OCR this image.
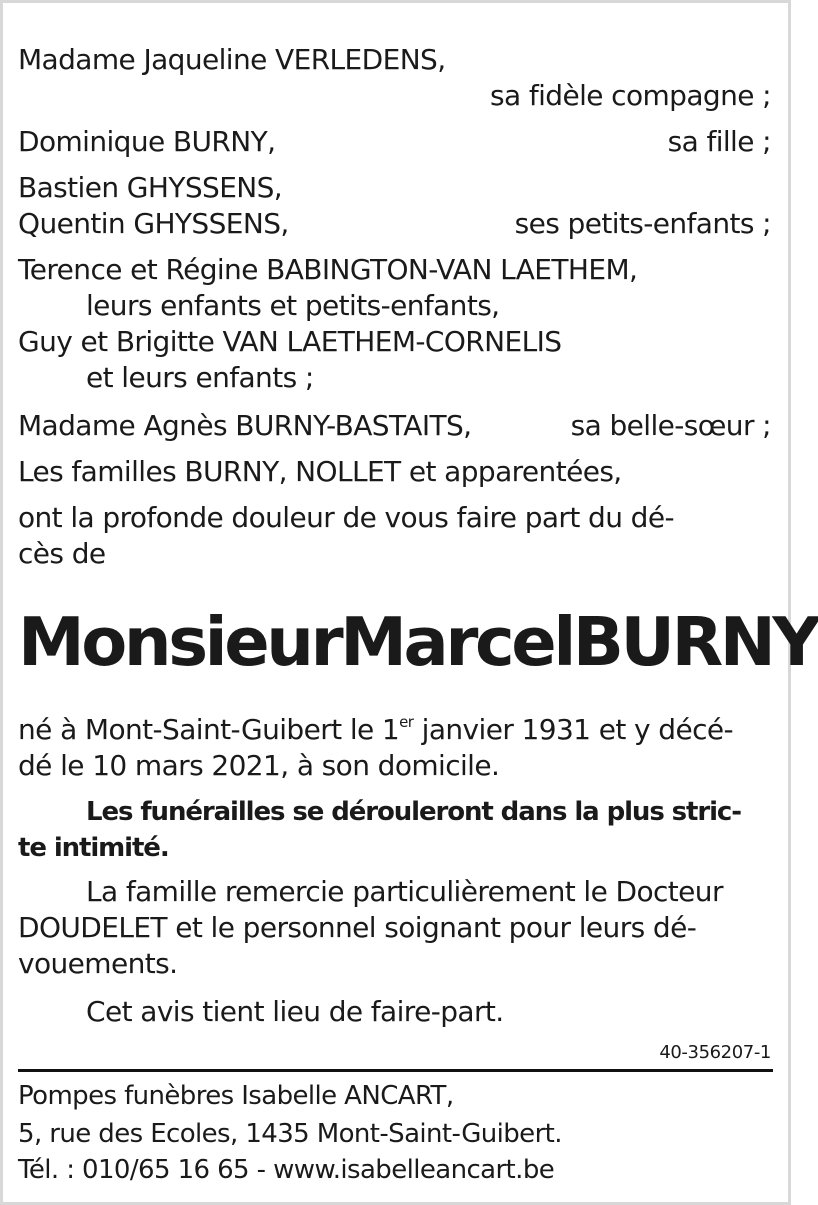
Madame Jaqueline VERLEDENS,
sa fidèle compagne ;
Dominique BURNY,	sa fille ;
Bastien GHYSSENS,
Quentin GHYSSENS,	ses petits-enfants ;
Terence et Régine BABINGTON-VAN LAETHEM,
leurs enfants et petits-enfants,
Guy et Brigitte VAN LAETHEM-CORNELIS
et leurs enfants ;
Madame Agnès BURNY-BASTAITS,	sa belle-sœur ;
Les familles BURNY, NOLLET et apparentées,
ont la profonde douleur de vous faire part du dé-
cès de
Monsieur Marcel BURNY
né à Mont-Saint-Guibert le 1er janvier 1931 et y décé-
dé le 10 mars 2021, à son domicile.
Les funérailles se dérouleront dans la plus stric-
te intimité.
La famille remercie particulièrement le Docteur
DOUDELET et le personnel soignant pour leurs dé-
vouements.
Cet avis tient lieu de faire-part.
40-356207-1
Pompes funèbres Isabelle ANCART,
5, rue des Ecoles, 1435 Mont-Saint-Guibert.
Tél. : 010/65 16 65 - www.isabelleancart.be
